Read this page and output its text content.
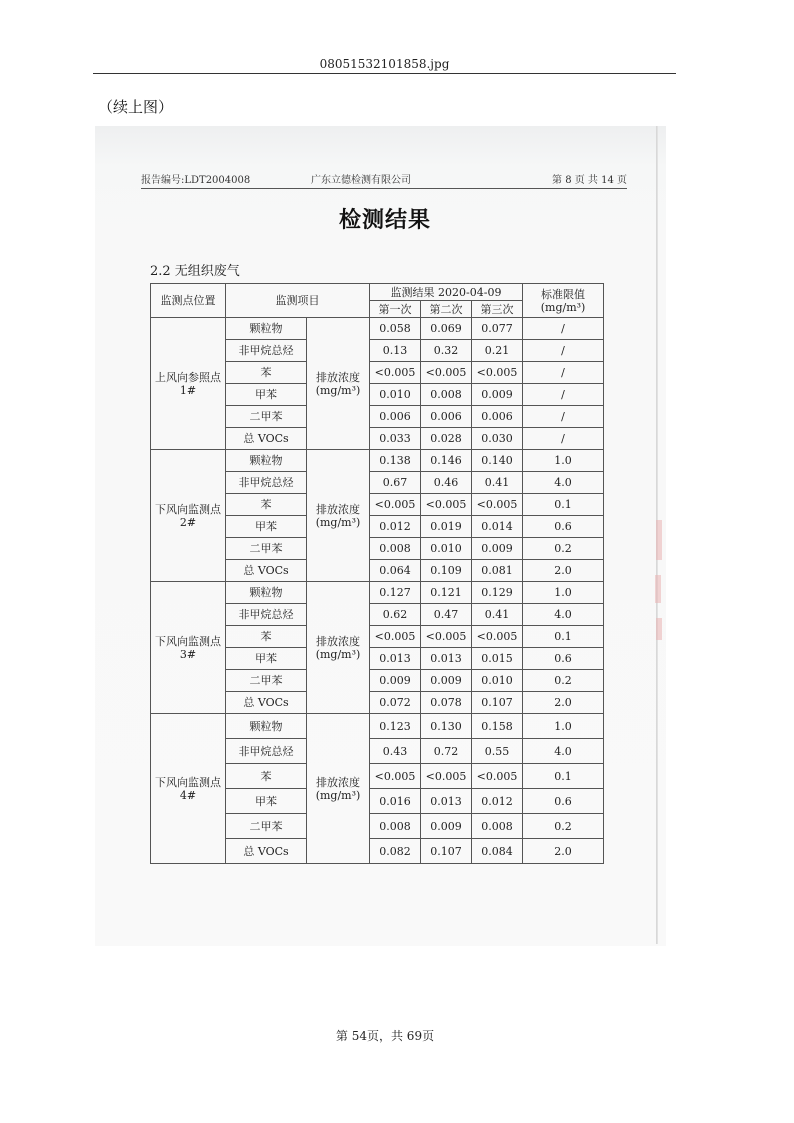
08051532101858.jpg
（续上图）
报告编号:LDT2004008	广东立德检测有限公司	第 8 页 共 14 页
检测结果
2.2 无组织废气
监测点位置	监测项目		监测结果 2020-04-09			标准限值 (mg/m³)
			第一次	第二次	第三次	
上风向参照点 1#	颗粒物	排放浓度 (mg/m³)	0.058	0.069	0.077	/
	非甲烷总烃		0.13	0.32	0.21	/
	苯		<0.005	<0.005	<0.005	/
	甲苯		0.010	0.008	0.009	/
	二甲苯		0.006	0.006	0.006	/
	总 VOCs		0.033	0.028	0.030	/
下风向监测点 2#	颗粒物	排放浓度 (mg/m³)	0.138	0.146	0.140	1.0
	非甲烷总烃		0.67	0.46	0.41	4.0
	苯		<0.005	<0.005	<0.005	0.1
	甲苯		0.012	0.019	0.014	0.6
	二甲苯		0.008	0.010	0.009	0.2
	总 VOCs		0.064	0.109	0.081	2.0
下风向监测点 3#	颗粒物	排放浓度 (mg/m³)	0.127	0.121	0.129	1.0
	非甲烷总烃		0.62	0.47	0.41	4.0
	苯		<0.005	<0.005	<0.005	0.1
	甲苯		0.013	0.013	0.015	0.6
	二甲苯		0.009	0.009	0.010	0.2
	总 VOCs		0.072	0.078	0.107	2.0
下风向监测点 4#	颗粒物	排放浓度 (mg/m³)	0.123	0.130	0.158	1.0
	非甲烷总烃		0.43	0.72	0.55	4.0
	苯		<0.005	<0.005	<0.005	0.1
	甲苯		0.016	0.013	0.012	0.6
	二甲苯		0.008	0.009	0.008	0.2
	总 VOCs		0.082	0.107	0.084	2.0
第 54页，共 69页
